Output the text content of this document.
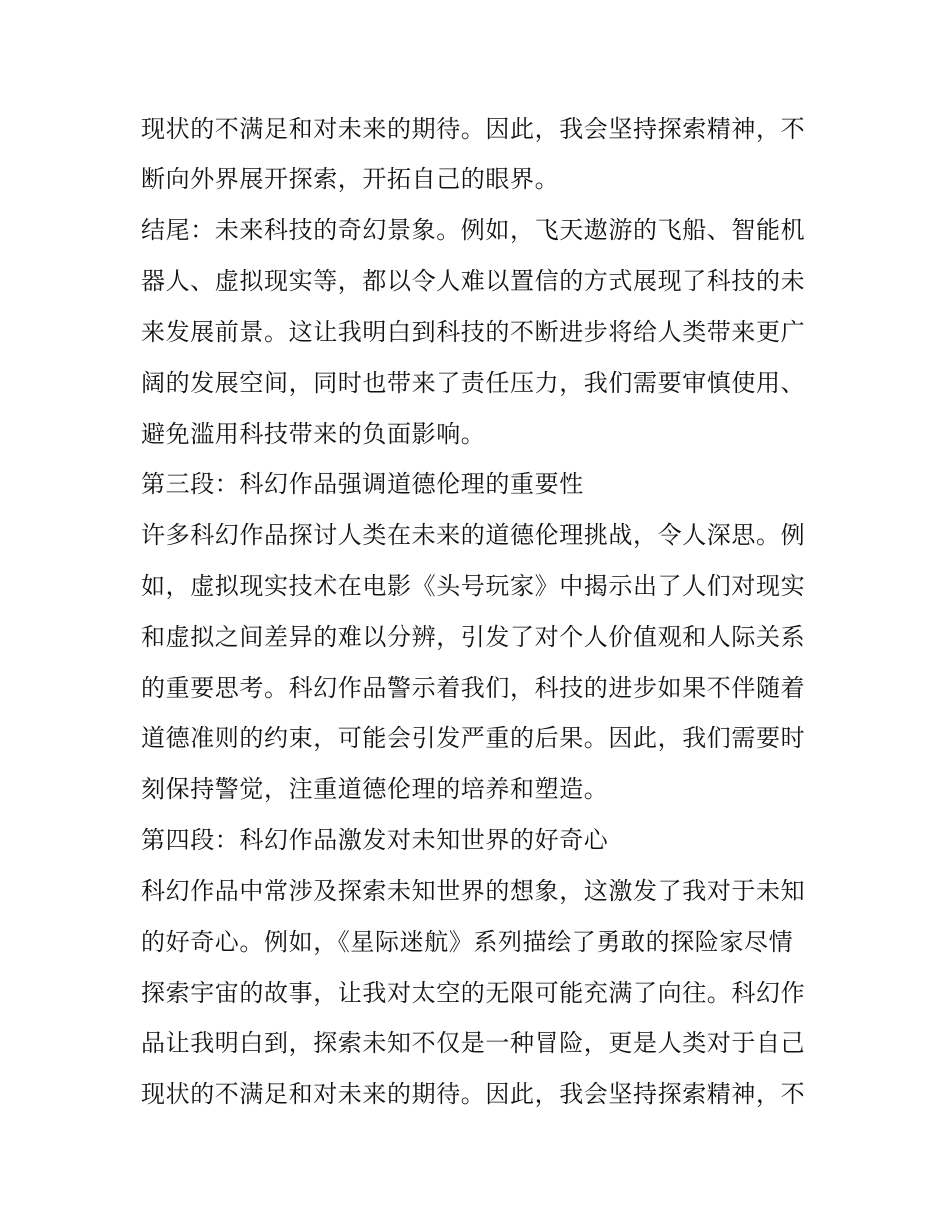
现状的不满足和对未来的期待。因此，我会坚持探索精神，不
断向外界展开探索，开拓自己的眼界。
结尾：未来科技的奇幻景象。例如，飞天遨游的飞船、智能机
器人、虚拟现实等，都以令人难以置信的方式展现了科技的未
来发展前景。这让我明白到科技的不断进步将给人类带来更广
阔的发展空间，同时也带来了责任压力，我们需要审慎使用、
避免滥用科技带来的负面影响。
第三段：科幻作品强调道德伦理的重要性
许多科幻作品探讨人类在未来的道德伦理挑战，令人深思。例
如，虚拟现实技术在电影《头号玩家》中揭示出了人们对现实
和虚拟之间差异的难以分辨，引发了对个人价值观和人际关系
的重要思考。科幻作品警示着我们，科技的进步如果不伴随着
道德准则的约束，可能会引发严重的后果。因此，我们需要时
刻保持警觉，注重道德伦理的培养和塑造。
第四段：科幻作品激发对未知世界的好奇心
科幻作品中常涉及探索未知世界的想象，这激发了我对于未知
的好奇心。例如，《星际迷航》系列描绘了勇敢的探险家尽情
探索宇宙的故事，让我对太空的无限可能充满了向往。科幻作
品让我明白到，探索未知不仅是一种冒险，更是人类对于自己
现状的不满足和对未来的期待。因此，我会坚持探索精神，不
